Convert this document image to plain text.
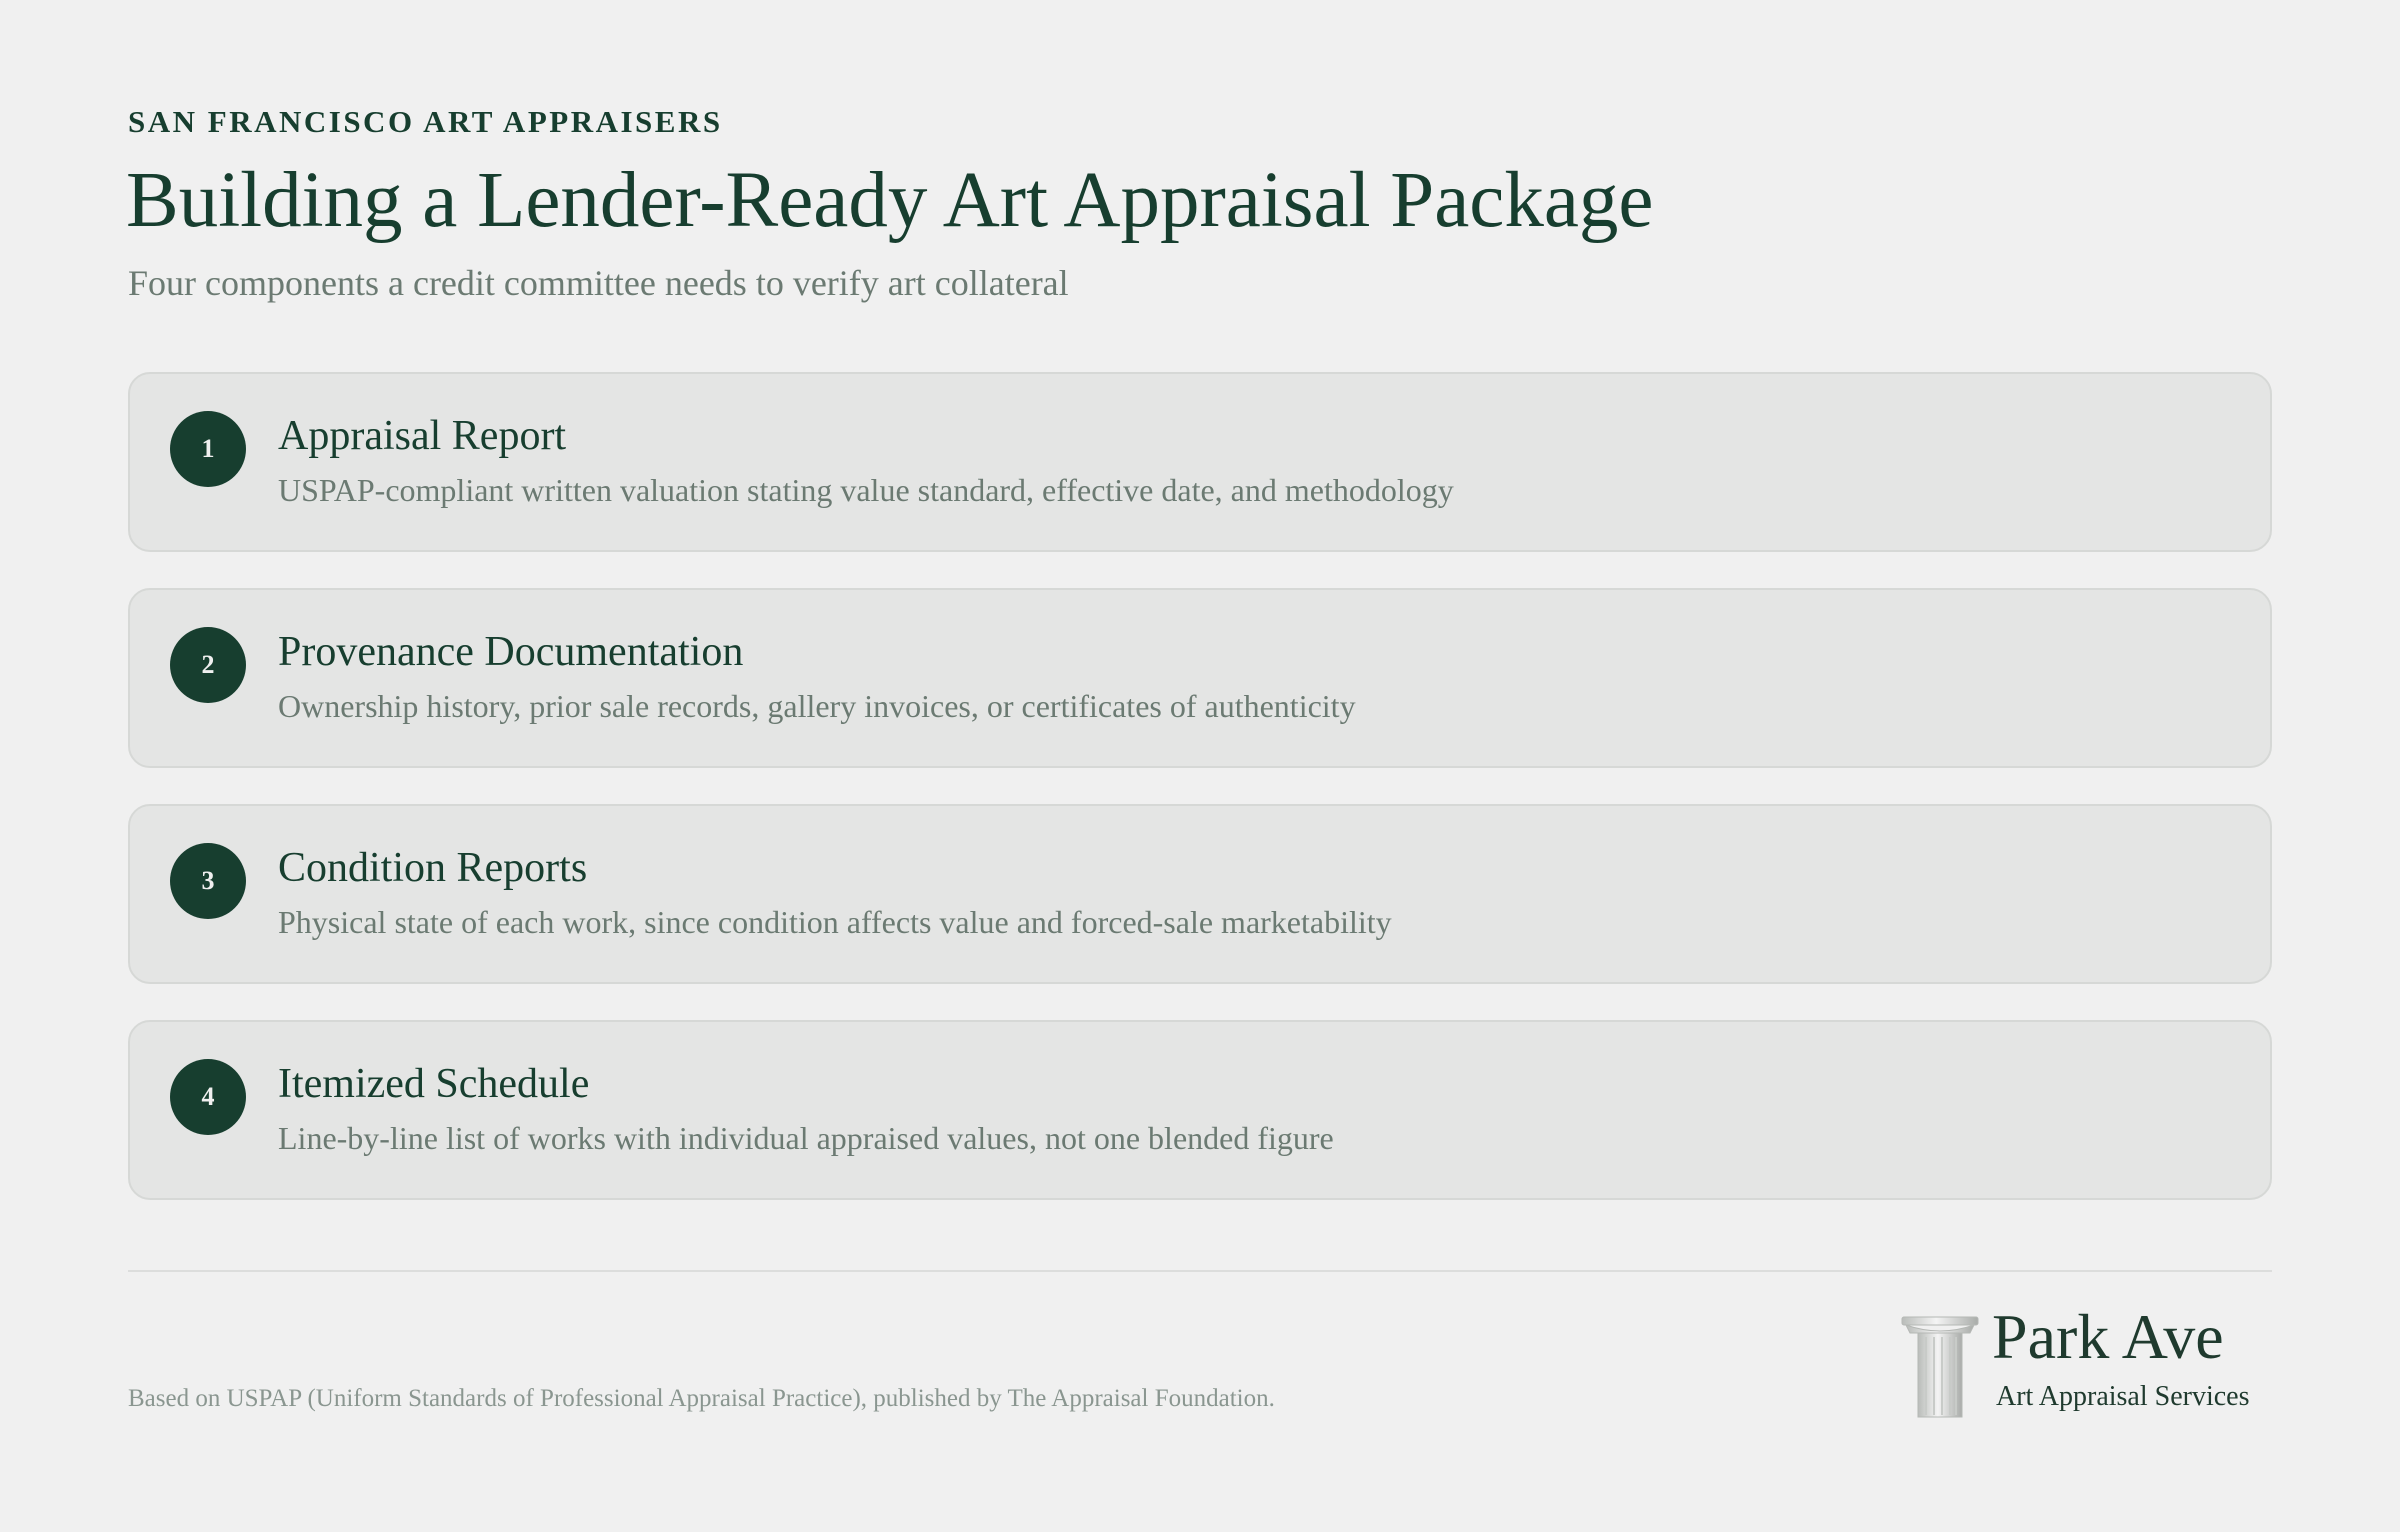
SAN FRANCISCO ART APPRAISERS

Building a Lender-Ready Art Appraisal Package

Four components a credit committee needs to verify art collateral

1	Appraisal Report
USPAP-compliant written valuation stating value standard, effective date, and methodology
2	Provenance Documentation
Ownership history, prior sale records, gallery invoices, or certificates of authenticity
3	Condition Reports
Physical state of each work, since condition affects value and forced-sale marketability
4	Itemized Schedule
Line-by-line list of works with individual appraised values, not one blended figure
Based on USPAP (Uniform Standards of Professional Appraisal Practice), published by The Appraisal Foundation.
Park Ave
Art Appraisal Services
